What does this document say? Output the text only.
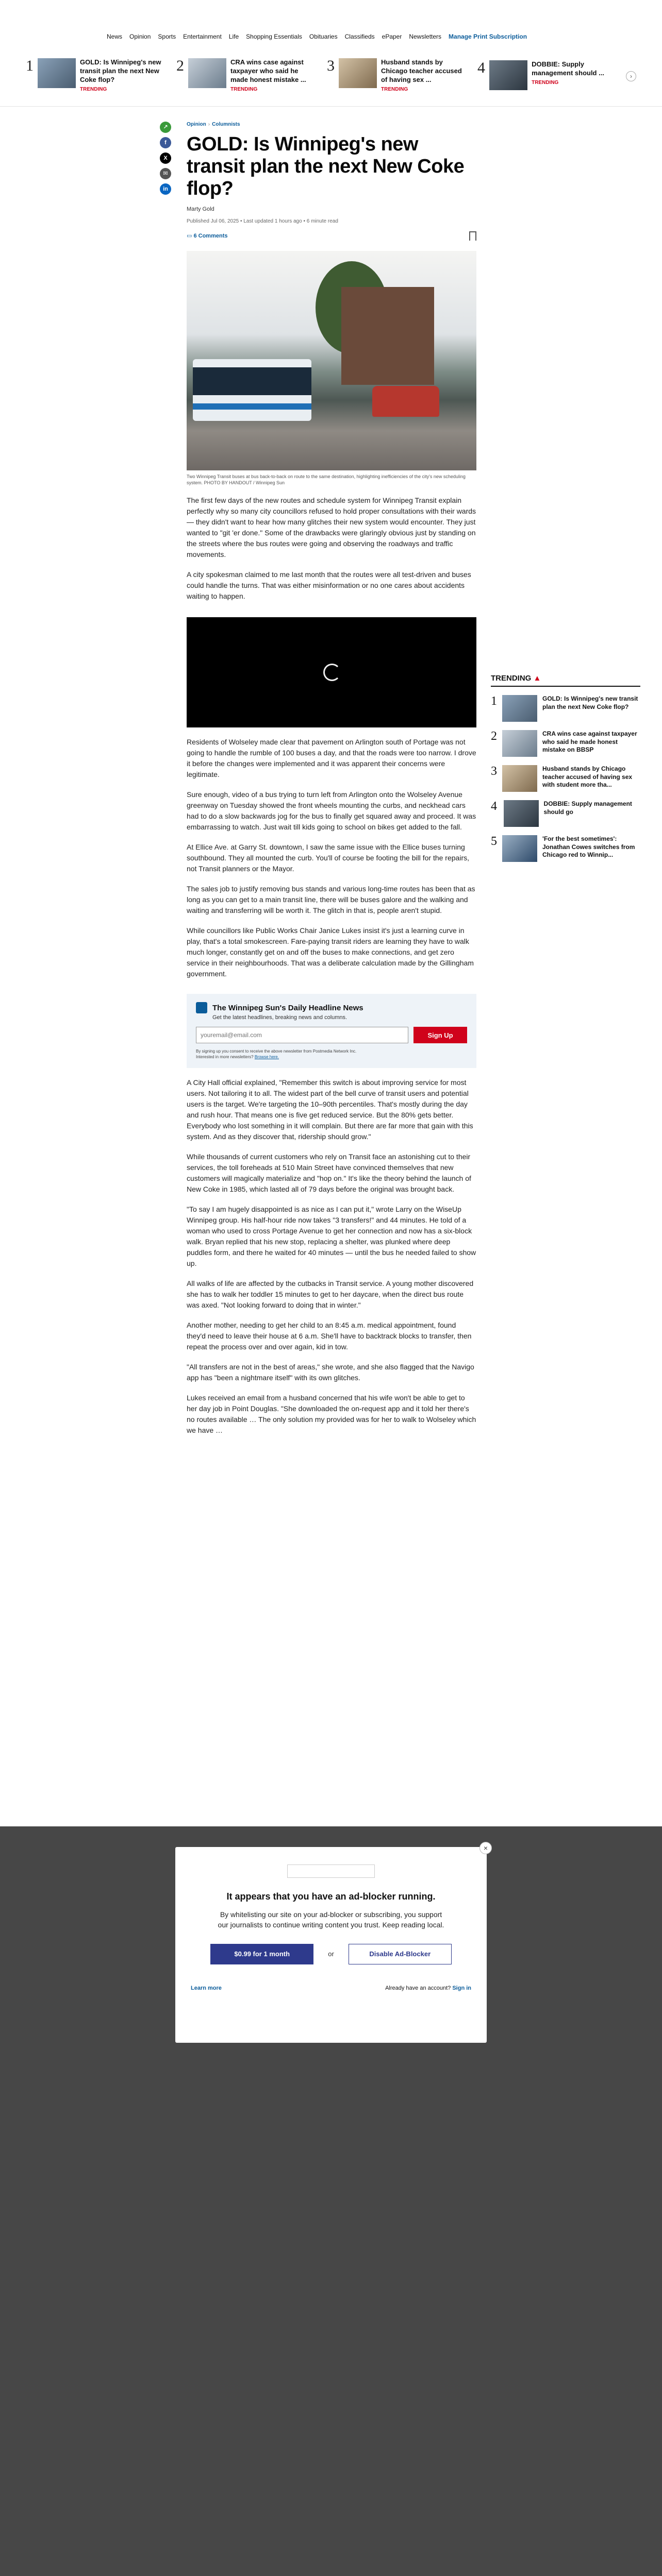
News	Opinion	Sports	Entertainment	Life	Shopping Essentials	Obituaries	Classifieds	ePaper	Newsletters	Manage Print Subscription
1	GOLD: Is Winnipeg's new transit plan the next New Coke flop?
TRENDING
2	CRA wins case against taxpayer who said he made honest mistake ...
TRENDING
3	Husband stands by Chicago teacher accused of having sex ...
TRENDING
4	DOBBIE: Supply management should ...
TRENDING
›
↗
f
X
✉
in
Opinion › Columnists
GOLD: Is Winnipeg's new transit plan the next New Coke flop?
Marty Gold
Published Jul 06, 2025 • Last updated 1 hours ago • 6 minute read
▭ 6 Comments
Two Winnipeg Transit buses at bus back-to-back on route to the same destination, highlighting inefficiencies of the city's new scheduling system. PHOTO BY HANDOUT / Winnipeg Sun

The first few days of the new routes and schedule system for Winnipeg Transit explain perfectly why so many city councillors refused to hold proper consultations with their wards — they didn't want to hear how many glitches their new system would encounter. They just wanted to "git 'er done." Some of the drawbacks were glaringly obvious just by standing on the streets where the bus routes were going and observing the roadways and traffic movements.

A city spokesman claimed to me last month that the routes were all test-driven and buses could handle the turns. That was either misinformation or no one cares about accidents waiting to happen.

Residents of Wolseley made clear that pavement on Arlington south of Portage was not going to handle the rumble of 100 buses a day, and that the roads were too narrow. I drove it before the changes were implemented and it was apparent their concerns were legitimate.

Sure enough, video of a bus trying to turn left from Arlington onto the Wolseley Avenue greenway on Tuesday showed the front wheels mounting the curbs, and neckhead cars had to do a slow backwards jog for the bus to finally get squared away and proceed. It was embarrassing to watch. Just wait till kids going to school on bikes get added to the fall.

At Ellice Ave. at Garry St. downtown, I saw the same issue with the Ellice buses turning southbound. They all mounted the curb. You'll of course be footing the bill for the repairs, not Transit planners or the Mayor.

The sales job to justify removing bus stands and various long-time routes has been that as long as you can get to a main transit line, there will be buses galore and the walking and waiting and transferring will be worth it. The glitch in that is, people aren't stupid.

While councillors like Public Works Chair Janice Lukes insist it's just a learning curve in play, that's a total smokescreen. Fare-paying transit riders are learning they have to walk much longer, constantly get on and off the buses to make connections, and get zero service in their neighbourhoods. That was a deliberate calculation made by the Gillingham government.

The Winnipeg Sun's Daily Headline News
Get the latest headlines, breaking news and columns.
youremail@email.com
Sign Up
By signing up you consent to receive the above newsletter from Postmedia Network Inc.
Interested in more newsletters? Browse here.

A City Hall official explained, "Remember this switch is about improving service for most users. Not tailoring it to all. The widest part of the bell curve of transit users and potential users is the target. We're targeting the 10–90th percentiles. That's mostly during the day and rush hour. That means one is five get reduced service. But the 80% gets better. Everybody who lost something in it will complain. But there are far more that gain with this system. And as they discover that, ridership should grow."

While thousands of current customers who rely on Transit face an astonishing cut to their services, the toll foreheads at 510 Main Street have convinced themselves that new customers will magically materialize and "hop on." It's like the theory behind the launch of New Coke in 1985, which lasted all of 79 days before the original was brought back.

"To say I am hugely disappointed is as nice as I can put it," wrote Larry on the WiseUp Winnipeg group. His half-hour ride now takes "3 transfers!" and 44 minutes. He told of a woman who used to cross Portage Avenue to get her connection and now has a six-block walk. Bryan replied that his new stop, replacing a shelter, was plunked where deep puddles form, and there he waited for 40 minutes — until the bus he needed failed to show up.

All walks of life are affected by the cutbacks in Transit service. A young mother discovered she has to walk her toddler 15 minutes to get to her daycare, when the direct bus route was axed. "Not looking forward to doing that in winter."

Another mother, needing to get her child to an 8:45 a.m. medical appointment, found they'd need to leave their house at 6 a.m. She'll have to backtrack blocks to transfer, then repeat the process over and over again, kid in tow.

"All transfers are not in the best of areas," she wrote, and she also flagged that the Navigo app has "been a nightmare itself" with its own glitches.

Lukes received an email from a husband concerned that his wife won't be able to get to her day job in Point Douglas. "She downloaded the on-request app and it told her there's no routes available … The only solution my provided was for her to walk to Wolseley which we have …

TRENDING ▲
1	GOLD: Is Winnipeg's new transit plan the next New Coke flop?
2	CRA wins case against taxpayer who said he made honest mistake on BBSP
3	Husband stands by Chicago teacher accused of having sex with student more tha...
4	DOBBIE: Supply management should go
5	'For the best sometimes': Jonathan Cowes switches from Chicago red to Winnip...
×
It appears that you have an ad-blocker running.
By whitelisting our site on your ad-blocker or subscribing, you support our journalists to continue writing content you trust. Keep reading local.
$0.99 for 1 month	or	Disable Ad-Blocker
Learn more	Already have an account? Sign in
